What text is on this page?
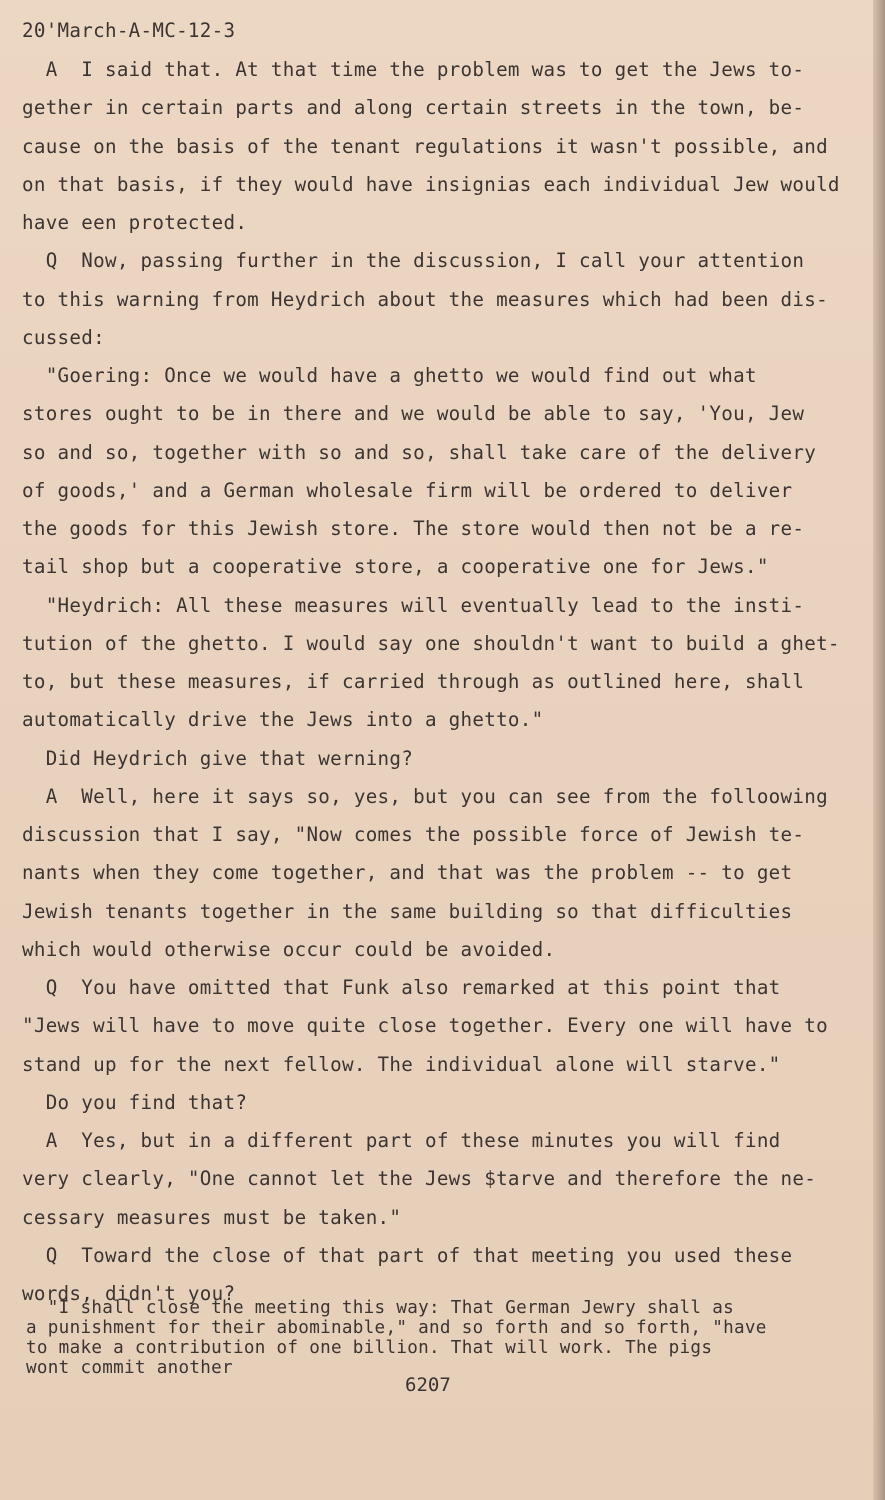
20'March-A-MC-12-3
A  I said that. At that time the problem was to get the Jews to-
gether in certain parts and along certain streets in the town, be-
cause on the basis of the tenant regulations it wasn't possible, and
on that basis, if they would have insignias each individual Jew would
have een protected.
Q  Now, passing further in the discussion, I call your attention
to this warning from Heydrich about the measures which had been dis-
cussed:
"Goering: Once we would have a ghetto we would find out what
stores ought to be in there and we would be able to say, 'You, Jew
so and so, together with so and so, shall take care of the delivery
of goods,' and a German wholesale firm will be ordered to deliver
the goods for this Jewish store. The store would then not be a re-
tail shop but a cooperative store, a cooperative one for Jews."
"Heydrich: All these measures will eventually lead to the insti-
tution of the ghetto. I would say one shouldn't want to build a ghet-
to, but these measures, if carried through as outlined here, shall
automatically drive the Jews into a ghetto."
Did Heydrich give that werning?
A  Well, here it says so, yes, but you can see from the folloowing
discussion that I say, "Now comes the possible force of Jewish te-
nants when they come together, and that was the problem -- to get
Jewish tenants together in the same building so that difficulties
which would otherwise occur could be avoided.
Q  You have omitted that Funk also remarked at this point that
"Jews will have to move quite close together. Every one will have to
stand up for the next fellow. The individual alone will starve."
Do you find that?
A  Yes, but in a different part of these minutes you will find
very clearly, "One cannot let the Jews $tarve and therefore the ne-
cessary measures must be taken."
Q  Toward the close of that part of that meeting you used these
words, didn't you?
"I shall close the meeting this way: That German Jewry shall as
a punishment for their abominable," and so forth and so forth, "have
to make a contribution of one billion. That will work. The pigs
wont commit another
6207
